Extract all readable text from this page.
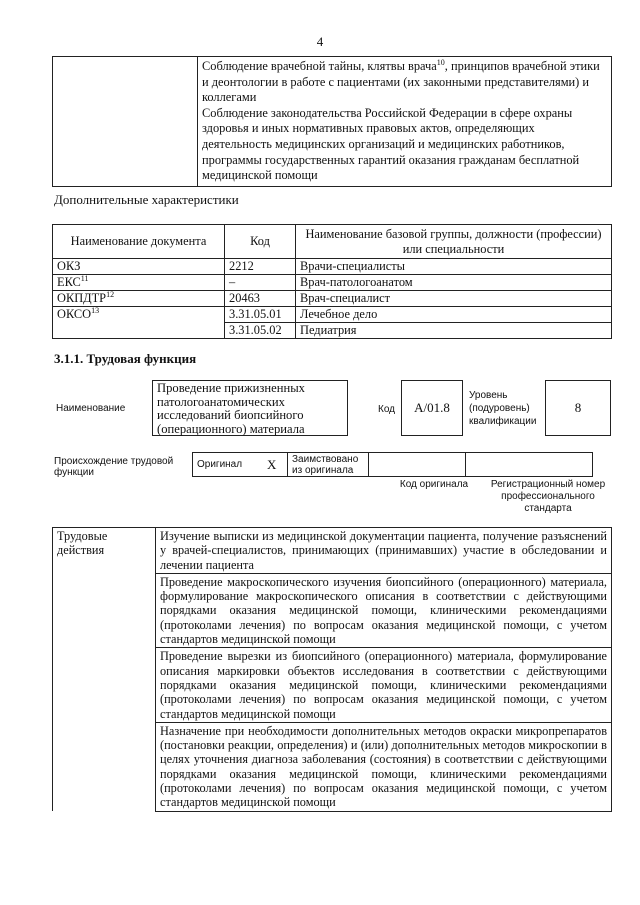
4

Соблюдение врачебной тайны, клятвы врача$^{10}$, принципов врачебной этики и деонтологии в работе с пациентами (их законными представителями) и коллегами

Соблюдение законодательства Российской Федерации в сфере охраны здоровья и иных нормативных правовых актов, определяющих деятельность медицинских организаций и медицинских работников, программы государственных гарантий оказания гражданам бесплатной медицинской помощи

Дополнительные характеристики
Наименование документа	Код	Наименование базовой группы, должности (профессии) или специальности
ОКЗ	2212	Врачи-специалисты
ЕКС$^{11}$	–	Врач-патологоанатом
ОКПДТР$^{12}$	20463	Врач-специалист
ОКСО$^{13}$	3.31.05.01	Лечебное дело
	3.31.05.02	Педиатрия
3.1.1. Трудовая функция
Наименование
Проведение прижизненных патологоанатомических исследований биопсийного (операционного) материала
Код	A/01.8
Уровень (подуровень) квалификации
8
Происхождение трудовой функции
Оригинал	X	Заимствовано из оригинала		
Код оригинала	Регистрационный номер профессионального стандарта
Трудовые действия	Изучение выписки из медицинской документации пациента, получение разъяснений у врачей-специалистов, принимающих (принимавших) участие в обследовании и лечении пациента
Проведение макроскопического изучения биопсийного (операционного) материала, формулирование макроскопического описания в соответствии с действующими порядками оказания медицинской помощи, клиническими рекомендациями (протоколами лечения) по вопросам оказания медицинской помощи, с учетом стандартов медицинской помощи
Проведение вырезки из биопсийного (операционного) материала, формулирование описания маркировки объектов исследования в соответствии с действующими порядками оказания медицинской помощи, клиническими рекомендациями (протоколами лечения) по вопросам оказания медицинской помощи, с учетом стандартов медицинской помощи
Назначение при необходимости дополнительных методов окраски микропрепаратов (постановки реакции, определения) и (или) дополнительных методов микроскопии в целях уточнения диагноза заболевания (состояния) в соответствии с действующими порядками оказания медицинской помощи, клиническими рекомендациями (протоколами лечения) по вопросам оказания медицинской помощи, с учетом стандартов медицинской помощи
